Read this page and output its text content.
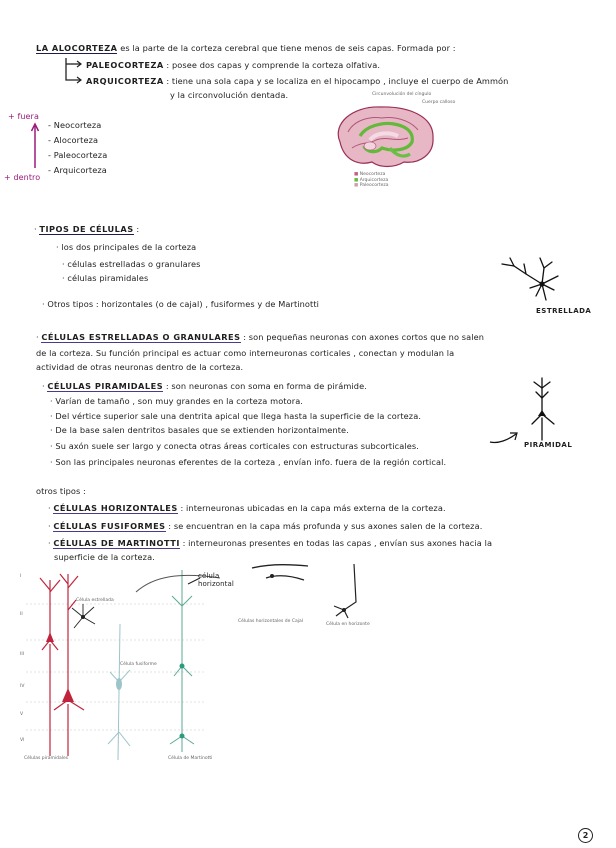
LA ALOCORTEZA es la parte de la corteza cerebral que tiene menos de seis capas. Formada por :
PALEOCORTEZA : posee dos capas y comprende la corteza olfativa.
ARQUICORTEZA : tiene una sola capa y se localiza en el hipocampo , incluye el cuerpo de Ammón
y la circonvolución dentada.	Circunvolución del cíngulo
Cuerpo calloso
■ Neocorteza
■ Arquicorteza
■ Paleocorteza
+ fuera
+ dentro
- Neocorteza
- Alocorteza
- Paleocorteza
- Arquicorteza
· TIPOS DE CÉLULAS :
· los dos principales de la corteza
· células estrelladas o granulares
· células piramidales
· Otros tipos : horizontales (o de cajal) , fusiformes y de Martinotti
ESTRELLADA
· CÉLULAS ESTRELLADAS O GRANULARES : son pequeñas neuronas con axones cortos que no salen
de la corteza. Su función principal es actuar como interneuronas corticales , conectan y modulan la
actividad de otras neuronas dentro de la corteza.
· CÉLULAS PIRAMIDALES : son neuronas con soma en forma de pirámide.
· Varían de tamaño , son muy grandes en la corteza motora.
· Del vértice superior sale una dentrita apical que llega hasta la superficie de la corteza.
· De la base salen dentritos basales que se extienden horizontalmente.
· Su axón suele ser largo y conecta otras áreas corticales con estructuras subcorticales.
· Son las principales neuronas eferentes de la corteza , envían info. fuera de la región cortical.
PIRAMIDAL
otros tipos :
· CÉLULAS HORIZONTALES : interneuronas ubicadas en la capa más externa de la corteza.
· CÉLULAS FUSIFORMES : se encuentran en la capa más profunda y sus axones salen de la corteza.
· CÉLULAS DE MARTINOTTI : interneuronas presentes en todas las capas , envían sus axones hacia la
superficie de la corteza.
I
II
III
IV
V
VI
Célula estrellada
Célula fusiforme
célula horizontal
Células horizontales de Cajal
Célula en horizonte
Células piramidales	Célula de Martinotti
2
